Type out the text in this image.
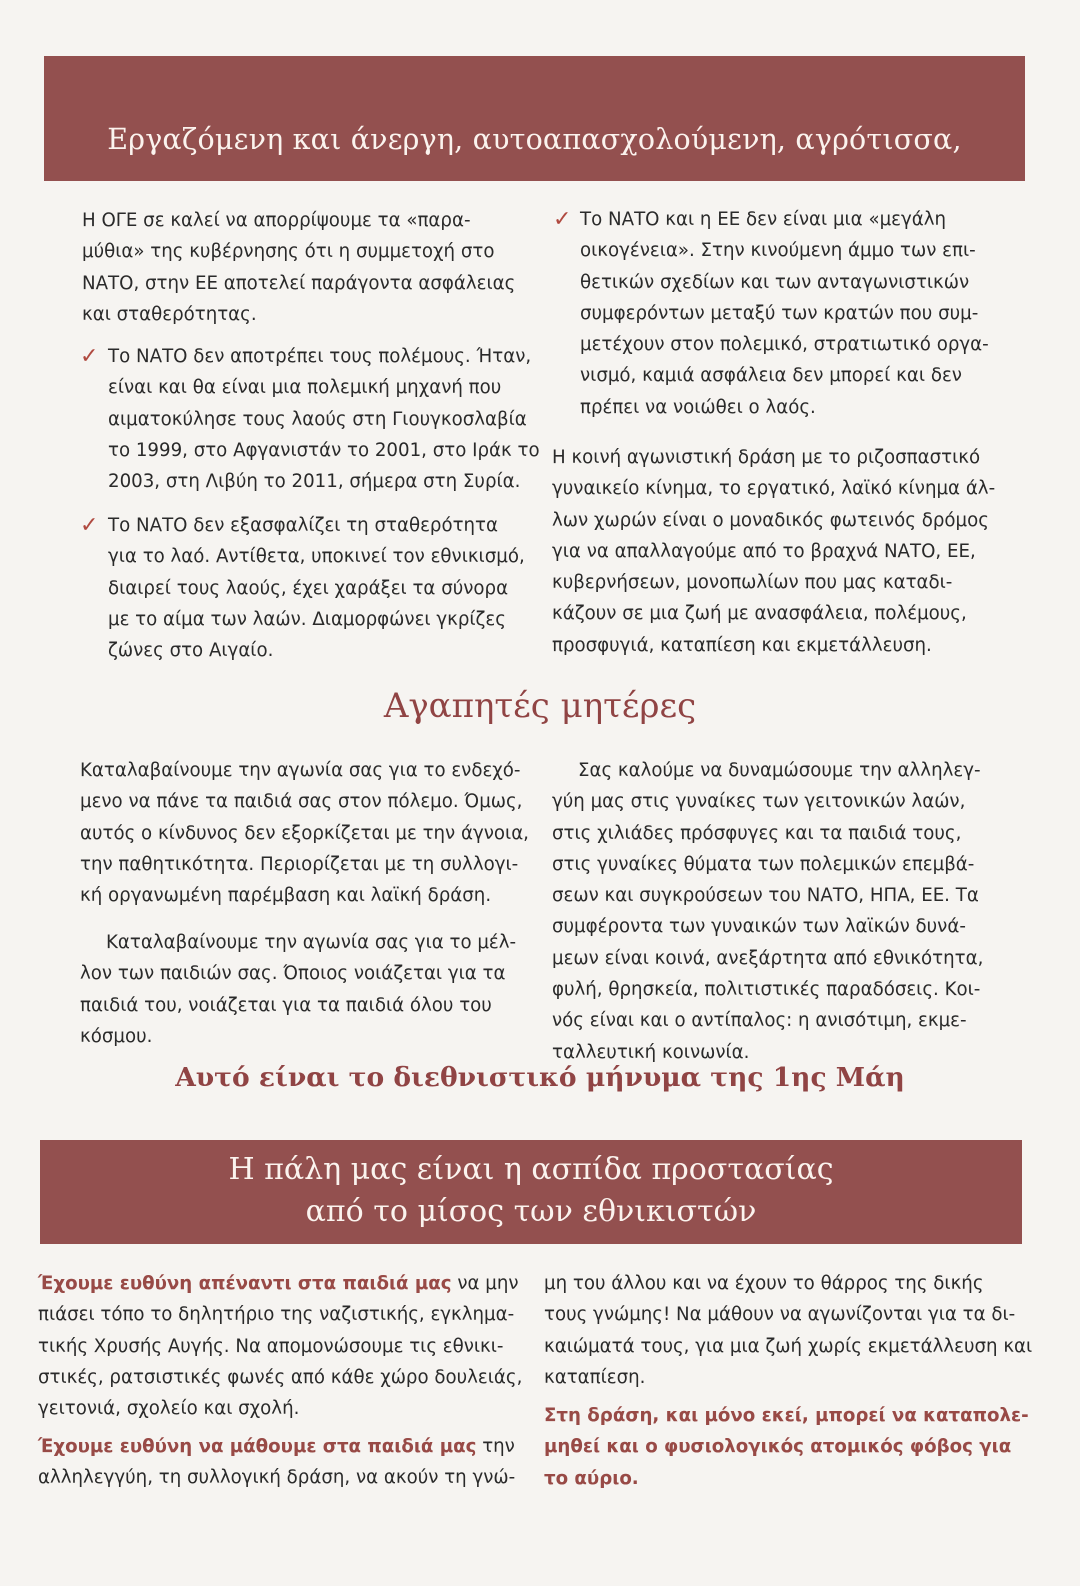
Εργαζόμενη και άνεργη, αυτοαπασχολούμενη, αγρότισσα,

Η ΟΓΕ σε καλεί να απορρίψουμε τα «παρα-
μύθια» της κυβέρνησης ότι η συμμετοχή στο
ΝΑΤΟ, στην ΕΕ αποτελεί παράγοντα ασφάλειας
και σταθερότητας.

✓ Το ΝΑΤΟ δεν αποτρέπει τους πολέμους. Ήταν,
είναι και θα είναι μια πολεμική μηχανή που
αιματοκύλησε τους λαούς στη Γιουγκοσλαβία
το 1999, στο Αφγανιστάν το 2001, στο Ιράκ το
2003, στη Λιβύη το 2011, σήμερα στη Συρία.
✓ Το ΝΑΤΟ δεν εξασφαλίζει τη σταθερότητα
για το λαό. Αντίθετα, υποκινεί τον εθνικισμό,
διαιρεί τους λαούς, έχει χαράξει τα σύνορα
με το αίμα των λαών. Διαμορφώνει γκρίζες
ζώνες στο Αιγαίο.
✓ Το ΝΑΤΟ και η ΕΕ δεν είναι μια «μεγάλη
οικογένεια». Στην κινούμενη άμμο των επι-
θετικών σχεδίων και των ανταγωνιστικών
συμφερόντων μεταξύ των κρατών που συμ-
μετέχουν στον πολεμικό, στρατιωτικό οργα-
νισμό, καμιά ασφάλεια δεν μπορεί και δεν
πρέπει να νοιώθει ο λαός.
Η κοινή αγωνιστική δράση με το ριζοσπαστικό
γυναικείο κίνημα, το εργατικό, λαϊκό κίνημα άλ-
λων χωρών είναι ο μοναδικός φωτεινός δρόμος
για να απαλλαγούμε από το βραχνά ΝΑΤΟ, ΕΕ,
κυβερνήσεων, μονοπωλίων που μας καταδι-
κάζουν σε μια ζωή με ανασφάλεια, πολέμους,
προσφυγιά, καταπίεση και εκμετάλλευση.
Αγαπητές μητέρες
Καταλαβαίνουμε την αγωνία σας για το ενδεχό-
μενο να πάνε τα παιδιά σας στον πόλεμο. Όμως,
αυτός ο κίνδυνος δεν εξορκίζεται με την άγνοια,
την παθητικότητα. Περιορίζεται με τη συλλογι-
κή οργανωμένη παρέμβαση και λαϊκή δράση.
Καταλαβαίνουμε την αγωνία σας για το μέλ-
λον των παιδιών σας. Όποιος νοιάζεται για τα
παιδιά του, νοιάζεται για τα παιδιά όλου του
κόσμου.
Σας καλούμε να δυναμώσουμε την αλληλεγ-
γύη μας στις γυναίκες των γειτονικών λαών,
στις χιλιάδες πρόσφυγες και τα παιδιά τους,
στις γυναίκες θύματα των πολεμικών επεμβά-
σεων και συγκρούσεων του ΝΑΤΟ, ΗΠΑ, ΕΕ. Τα
συμφέροντα των γυναικών των λαϊκών δυνά-
μεων είναι κοινά, ανεξάρτητα από εθνικότητα,
φυλή, θρησκεία, πολιτιστικές παραδόσεις. Κοι-
νός είναι και ο αντίπαλος: η ανισότιμη, εκμε-
ταλλευτική κοινωνία.
Αυτό είναι το διεθνιστικό μήνυμα της 1ης Μάη
Η πάλη μας είναι η ασπίδα προστασίας
από το μίσος των εθνικιστών
Έχουμε ευθύνη απέναντι στα παιδιά μας να μην
πιάσει τόπο το δηλητήριο της ναζιστικής, εγκλημα-
τικής Χρυσής Αυγής. Να απομονώσουμε τις εθνικι-
στικές, ρατσιστικές φωνές από κάθε χώρο δουλειάς,
γειτονιά, σχολείο και σχολή.
Έχουμε ευθύνη να μάθουμε στα παιδιά μας την
αλληλεγγύη, τη συλλογική δράση, να ακούν τη γνώ-
μη του άλλου και να έχουν το θάρρος της δικής
τους γνώμης! Να μάθουν να αγωνίζονται για τα δι-
καιώματά τους, για μια ζωή χωρίς εκμετάλλευση και
καταπίεση.
Στη δράση, και μόνο εκεί, μπορεί να καταπολε-
μηθεί και ο φυσιολογικός ατομικός φόβος για
το αύριο.
